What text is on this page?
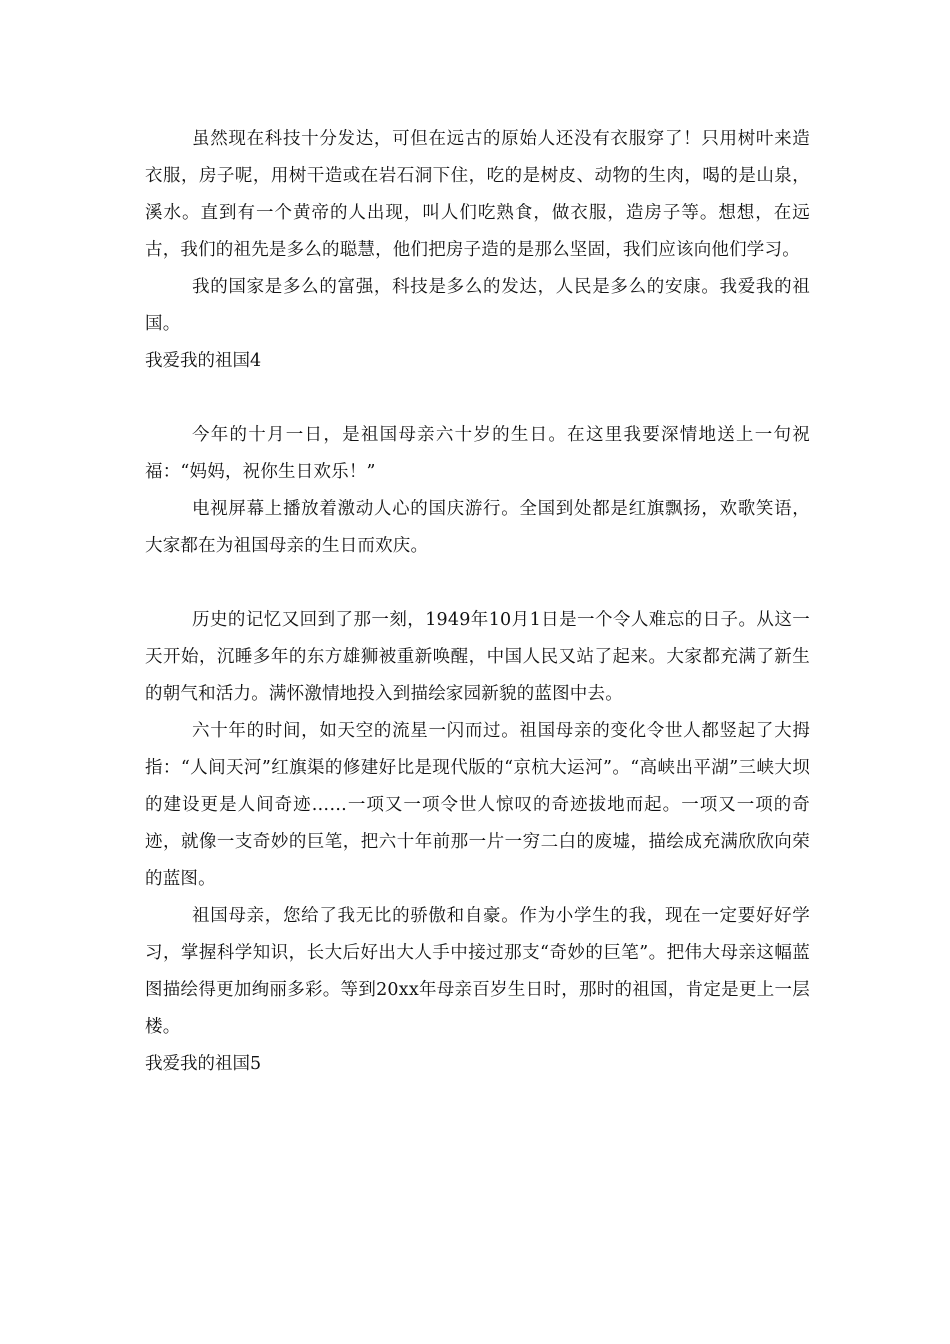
虽然现在科技十分发达，可但在远古的原始人还没有衣服穿了！只用树叶来造衣服，房子呢，用树干造或在岩石洞下住，吃的是树皮、动物的生肉，喝的是山泉，溪水。直到有一个黄帝的人出现，叫人们吃熟食，做衣服，造房子等。想想，在远古，我们的祖先是多么的聪慧，他们把房子造的是那么坚固，我们应该向他们学习。

我的国家是多么的富强，科技是多么的发达，人民是多么的安康。我爱我的祖国。

我爱我的祖国4

今年的十月一日，是祖国母亲六十岁的生日。在这里我要深情地送上一句祝福：“妈妈，祝你生日欢乐！”

电视屏幕上播放着激动人心的国庆游行。全国到处都是红旗飘扬，欢歌笑语，大家都在为祖国母亲的生日而欢庆。

历史的记忆又回到了那一刻，1949年10月1日是一个令人难忘的日子。从这一天开始，沉睡多年的东方雄狮被重新唤醒，中国人民又站了起来。大家都充满了新生的朝气和活力。满怀激情地投入到描绘家园新貌的蓝图中去。

六十年的时间，如天空的流星一闪而过。祖国母亲的变化令世人都竖起了大拇指：“人间天河”红旗渠的修建好比是现代版的“京杭大运河”。“高峡出平湖”三峡大坝的建设更是人间奇迹……一项又一项令世人惊叹的奇迹拔地而起。一项又一项的奇迹，就像一支奇妙的巨笔，把六十年前那一片一穷二白的废墟，描绘成充满欣欣向荣的蓝图。

祖国母亲，您给了我无比的骄傲和自豪。作为小学生的我，现在一定要好好学习，掌握科学知识，长大后好出大人手中接过那支“奇妙的巨笔”。把伟大母亲这幅蓝图描绘得更加绚丽多彩。等到20xx年母亲百岁生日时，那时的祖国，肯定是更上一层楼。

我爱我的祖国5
